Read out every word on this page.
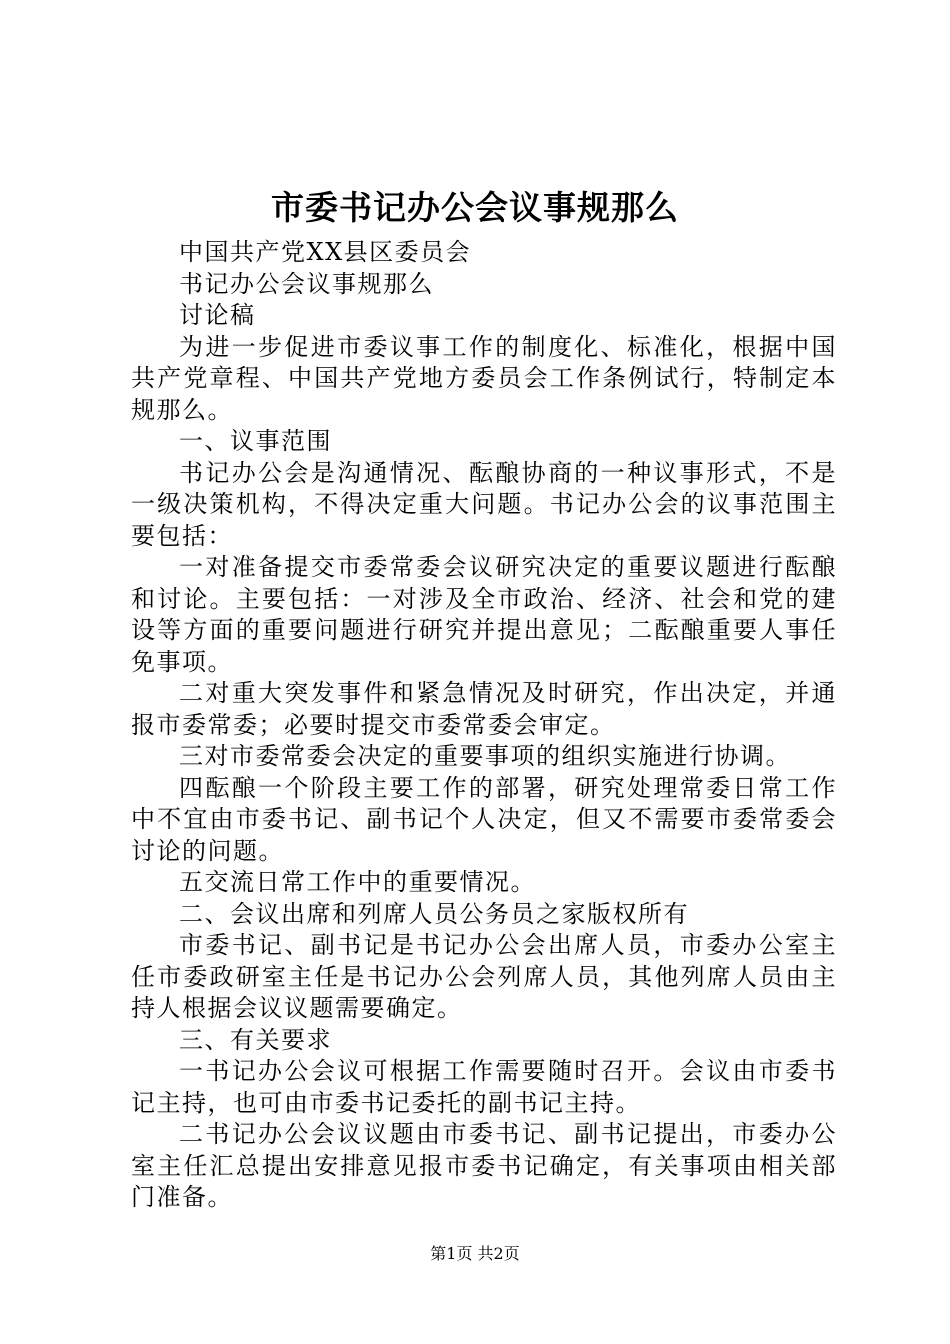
市委书记办公会议事规那么

中国共产党XX县区委员会

书记办公会议事规那么

讨论稿

为进一步促进市委议事工作的制度化、标准化，根据中国共产党章程、中国共产党地方委员会工作条例试行，特制定本规那么。

一、议事范围

书记办公会是沟通情况、酝酿协商的一种议事形式，不是一级决策机构，不得决定重大问题。书记办公会的议事范围主要包括：

一对准备提交市委常委会议研究决定的重要议题进行酝酿和讨论。主要包括：一对涉及全市政治、经济、社会和党的建设等方面的重要问题进行研究并提出意见；二酝酿重要人事任免事项。

二对重大突发事件和紧急情况及时研究，作出决定，并通报市委常委；必要时提交市委常委会审定。

三对市委常委会决定的重要事项的组织实施进行协调。

四酝酿一个阶段主要工作的部署，研究处理常委日常工作中不宜由市委书记、副书记个人决定，但又不需要市委常委会讨论的问题。

五交流日常工作中的重要情况。

二、会议出席和列席人员公务员之家版权所有

市委书记、副书记是书记办公会出席人员，市委办公室主任市委政研室主任是书记办公会列席人员，其他列席人员由主持人根据会议议题需要确定。

三、有关要求

一书记办公会议可根据工作需要随时召开。会议由市委书记主持，也可由市委书记委托的副书记主持。

二书记办公会议议题由市委书记、副书记提出，市委办公室主任汇总提出安排意见报市委书记确定，有关事项由相关部门准备。

第1页 共2页
